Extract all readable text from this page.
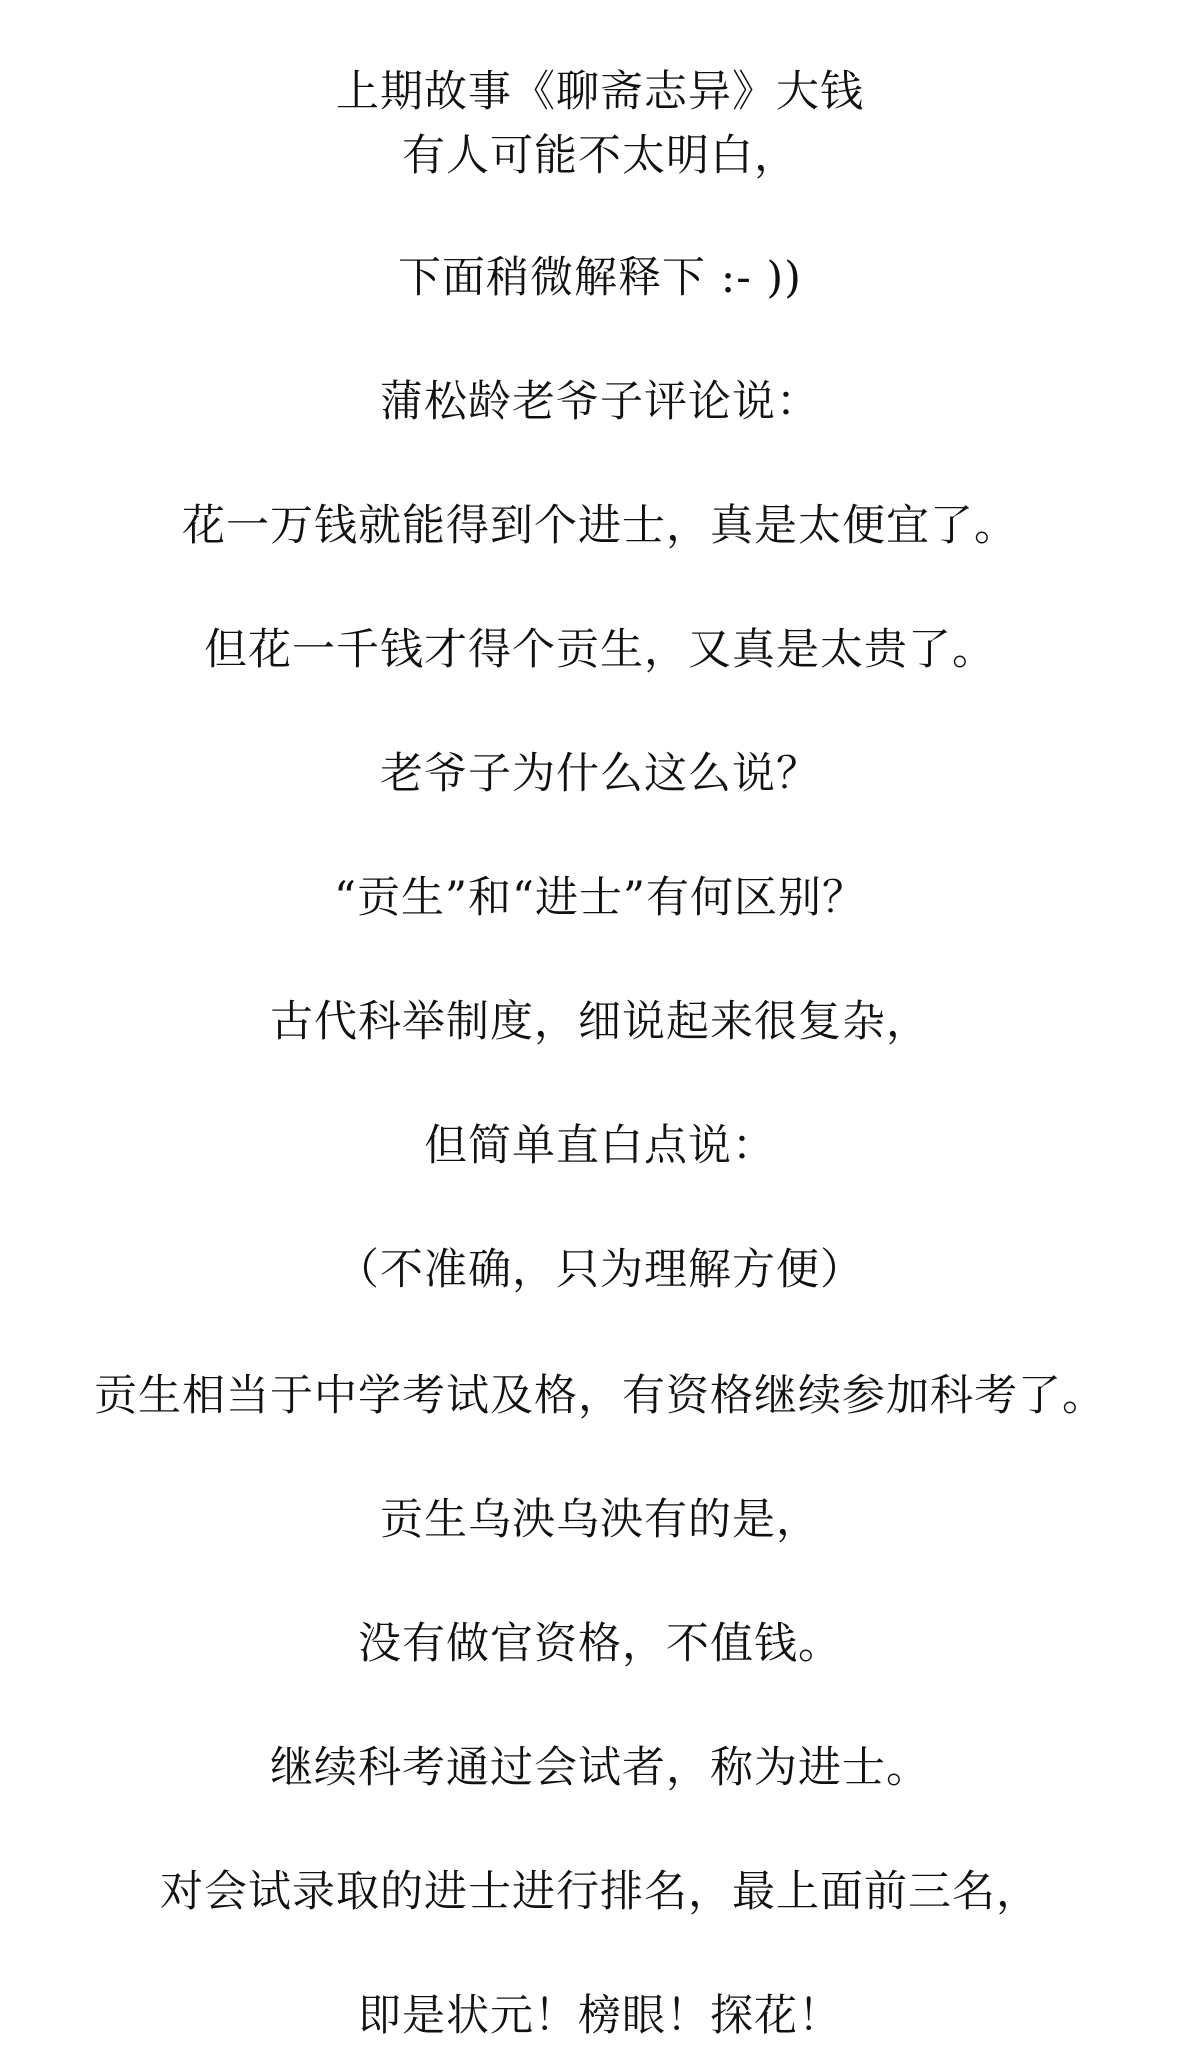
上期故事《聊斋志异》大钱
有人可能不太明白，
下面稍微解释下 :- ))
蒲松龄老爷子评论说：
花一万钱就能得到个进士，真是太便宜了。
但花一千钱才得个贡生，又真是太贵了。
老爷子为什么这么说？
“贡生”和“进士”有何区别？
古代科举制度，细说起来很复杂，
但简单直白点说：
（不准确，只为理解方便）
贡生相当于中学考试及格，有资格继续参加科考了。
贡生乌泱乌泱有的是，
没有做官资格，不值钱。
继续科考通过会试者，称为进士。
对会试录取的进士进行排名，最上面前三名，
即是状元！榜眼！探花！
